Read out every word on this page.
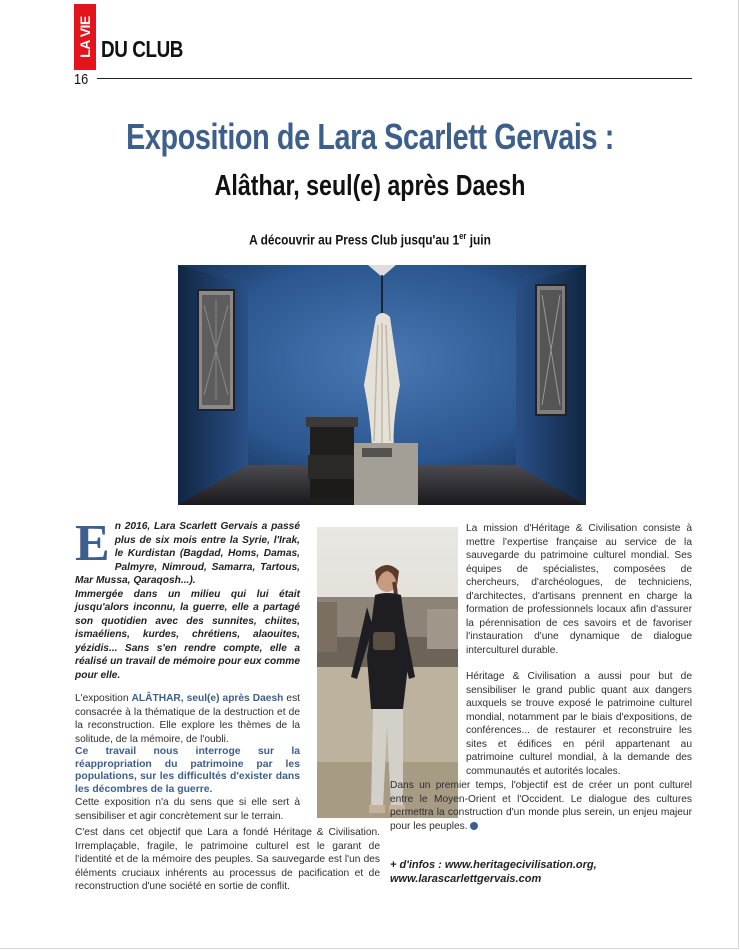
LA VIE DU CLUB
16
Exposition de Lara Scarlett Gervais :
Alâthar, seul(e) après Daesh
A découvrir au Press Club jusqu'au 1er juin

En 2016, Lara Scarlett Gervais a passé plus de six mois entre la Syrie, l'Irak, le Kurdistan (Bagdad, Homs, Damas, Palmyre, Nimroud, Samarra, Tartous, Mar Mussa, Qaraqosh...).
Immergée dans un milieu qui lui était jusqu'alors inconnu, la guerre, elle a partagé son quotidien avec des sunnites, chiites, ismaéliens, kurdes, chrétiens, alaouites, yézidis... Sans s'en rendre compte, elle a réalisé un travail de mémoire pour eux comme pour elle.

L'exposition ALÂTHAR, seul(e) après Daesh est consacrée à la thématique de la destruction et de la reconstruction. Elle explore les thèmes de la solitude, de la mémoire, de l'oubli.

Ce travail nous interroge sur la réappropriation du patrimoine par les populations, sur les difficultés d'exister dans les décombres de la guerre.

Cette exposition n'a du sens que si elle sert à sensibiliser et agir concrètement sur le terrain.

C'est dans cet objectif que Lara a fondé Héritage & Civilisation. Irremplaçable, fragile, le patrimoine culturel est le garant de l'identité et de la mémoire des peuples. Sa sauvegarde est l'un des éléments cruciaux inhérents au processus de pacification et de reconstruction d'une société en sortie de conflit.

La mission d'Héritage & Civilisation consiste à mettre l'expertise française au service de la sauvegarde du patrimoine culturel mondial. Ses équipes de spécialistes, composées de chercheurs, d'archéologues, de techniciens, d'architectes, d'artisans prennent en charge la formation de professionnels locaux afin d'assurer la pérennisation de ces savoirs et de favoriser l'instauration d'une dynamique de dialogue interculturel durable.

Héritage & Civilisation a aussi pour but de sensibiliser le grand public quant aux dangers auxquels se trouve exposé le patrimoine culturel mondial, notamment par le biais d'expositions, de conférences... de restaurer et reconstruire les sites et édifices en péril appartenant au patrimoine culturel mondial, à la demande des communautés et autorités locales.

Dans un premier temps, l'objectif est de créer un pont culturel entre le Moyen-Orient et l'Occident. Le dialogue des cultures permettra la construction d'un monde plus serein, un enjeu majeur pour les peuples.

+ d'infos : www.heritagecivilisation.org,
www.larascarlettgervais.com
